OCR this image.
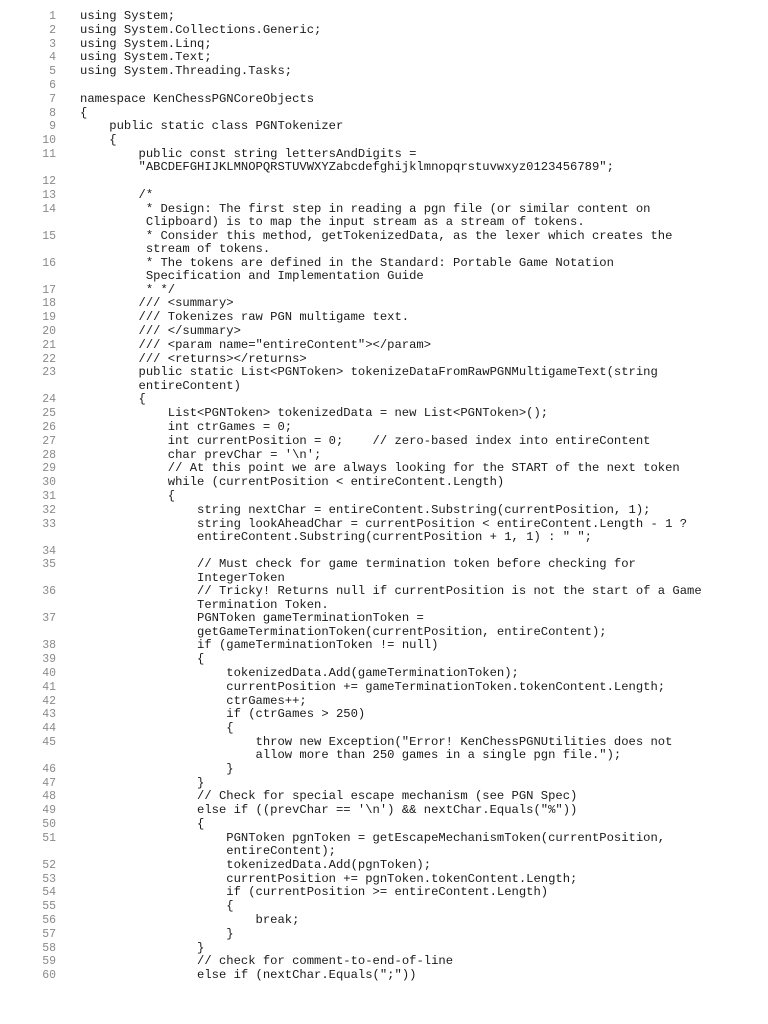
1 using System;
2 using System.Collections.Generic;
3 using System.Linq;
4 using System.Text;
5 using System.Threading.Tasks;
6
7 namespace KenChessPGNCoreObjects
8 {
9 public static class PGNTokenizer
10 {
11 public const string lettersAndDigits =
"ABCDEFGHIJKLMNOPQRSTUVWXYZabcdefghijklmnopqrstuvwxyz0123456789";
12
13 /*
14 * Design: The first step in reading a pgn file (or similar content on
Clipboard) is to map the input stream as a stream of tokens.
15 * Consider this method, getTokenizedData, as the lexer which creates the
stream of tokens.
16 * The tokens are defined in the Standard: Portable Game Notation
Specification and Implementation Guide
17 * */
18 /// <summary>
19 /// Tokenizes raw PGN multigame text.
20 /// </summary>
21 /// <param name="entireContent"></param>
22 /// <returns></returns>
23 public static List<PGNToken> tokenizeDataFromRawPGNMultigameText(string
entireContent)
24 {
25 List<PGNToken> tokenizedData = new List<PGNToken>();
26 int ctrGames = 0;
27 int currentPosition = 0;    // zero-based index into entireContent
28 char prevChar = '\n';
29 // At this point we are always looking for the START of the next token
30 while (currentPosition < entireContent.Length)
31 {
32 string nextChar = entireContent.Substring(currentPosition, 1);
33 string lookAheadChar = currentPosition < entireContent.Length - 1 ?
entireContent.Substring(currentPosition + 1, 1) : " ";
34
35 // Must check for game termination token before checking for
IntegerToken
36 // Tricky! Returns null if currentPosition is not the start of a Game
Termination Token.
37 PGNToken gameTerminationToken =
getGameTerminationToken(currentPosition, entireContent);
38 if (gameTerminationToken != null)
39 {
40 tokenizedData.Add(gameTerminationToken);
41 currentPosition += gameTerminationToken.tokenContent.Length;
42 ctrGames++;
43 if (ctrGames > 250)
44 {
45 throw new Exception("Error! KenChessPGNUtilities does not
allow more than 250 games in a single pgn file.");
46 }
47 }
48 // Check for special escape mechanism (see PGN Spec)
49 else if ((prevChar == '\n') && nextChar.Equals("%"))
50 {
51 PGNToken pgnToken = getEscapeMechanismToken(currentPosition,
entireContent);
52 tokenizedData.Add(pgnToken);
53 currentPosition += pgnToken.tokenContent.Length;
54 if (currentPosition >= entireContent.Length)
55 {
56 break;
57 }
58 }
59 // check for comment-to-end-of-line
60 else if (nextChar.Equals(";"))
